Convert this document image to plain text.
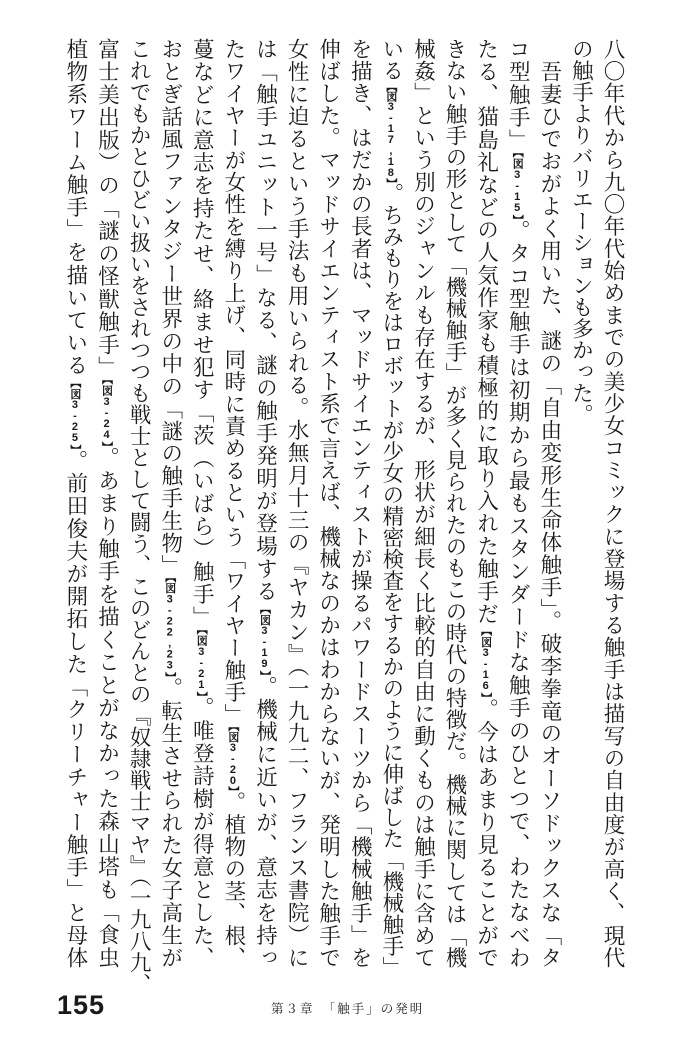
八〇年代から九〇年代始めまでの美少女コミックに登場する触手は描写の自由度が高く、現代
の触手よりバリエーションも多かった。
　吾妻ひでおがよく用いた、謎の「自由変形生命体触手」。破李拳竜のオーソドックスな「タ
コ型触手」【 図3-15 】。タコ型触手は初期から最もスタンダードな触手のひとつで、わたなべわ
たる、猫島礼などの人気作家も積極的に取り入れた触手だ【 図3-16 】。今はあまり見ることがで
きない触手の形として「機械触手」が多く見られたのもこの時代の特徴だ。機械に関しては「機
械姦」という別のジャンルも存在するが、形状が細長く比較的自由に動くものは触手に含めて
いる【 図3-17,18 】。ちみもりをはロボットが少女の精密検査をするかのように伸ばした「機械触手」
を描き、はだかの長者は、マッドサイエンティストが操るパワードスーツから「機械触手」を
伸ばした。マッドサイエンティスト系で言えば、機械なのかはわからないが、発明した触手で
女性に迫るという手法も用いられる。水無月十三の『ヤカン』（一九九二、フランス書院）に
は「触手ユニット一号」なる、謎の触手発明が登場する【 図3-19 】。機械に近いが、意志を持っ
たワイヤーが女性を縛り上げ、同時に責めるという「ワイヤー触手」【 図3-20 】。植物の茎、根、
蔓などに意志を持たせ、絡ませ犯す「茨（いばら）触手」【 図3-21 】。唯登詩樹が得意とした、
おとぎ話風ファンタジー世界の中の「謎の触手生物」【 図3-22,23 】。転生させられた女子高生が
これでもかとひどい扱いをされつつも戦士として闘う、このどんとの『奴隷戦士マヤ』（一九八九、
富士美出版）の「謎の怪獣触手」【 図3-24 】。あまり触手を描くことがなかった森山塔も「食虫
植物系ワーム触手」を描いている【 図3-25 】。前田俊夫が開拓した「クリーチャー触手」と母体
155	第３章　「触手」の発明
